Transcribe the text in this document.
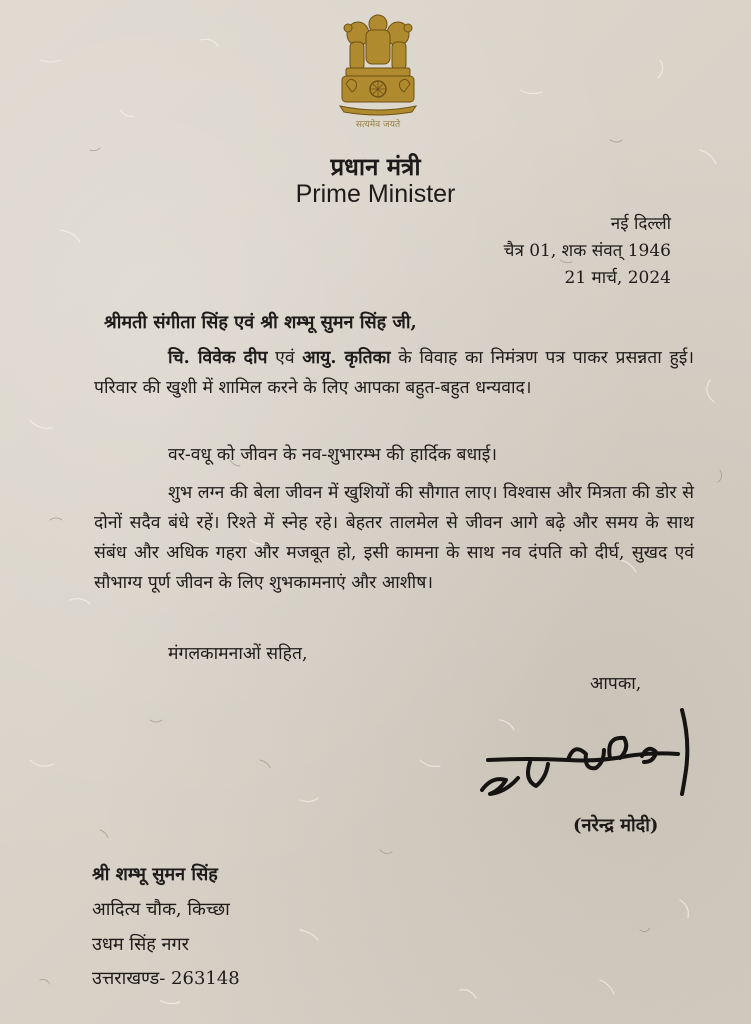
सत्यमेव जयते
प्रधान मंत्री
Prime Minister
नई दिल्ली
चैत्र 01, शक संवत् 1946
21 मार्च, 2024
श्रीमती संगीता सिंह एवं श्री शम्भू सुमन सिंह जी,
चि. विवेक दीप एवं आयु. कृतिका के विवाह का निमंत्रण पत्र पाकर प्रसन्नता हुई। परिवार की खुशी में शामिल करने के लिए आपका बहुत-बहुत धन्यवाद।
वर-वधू को जीवन के नव-शुभारम्भ की हार्दिक बधाई।
शुभ लग्न की बेला जीवन में खुशियों की सौगात लाए। विश्वास और मित्रता की डोर से दोनों सदैव बंधे रहें। रिश्ते में स्नेह रहे। बेहतर तालमेल से जीवन आगे बढ़े और समय के साथ संबंध और अधिक गहरा और मजबूत हो, इसी कामना के साथ नव दंपति को दीर्घ, सुखद एवं सौभाग्य पूर्ण जीवन के लिए शुभकामनाएं और आशीष।
मंगलकामनाओं सहित,
आपका,
(नरेन्द्र मोदी)
श्री शम्भू सुमन सिंह
आदित्य चौक, किच्छा
उधम सिंह नगर
उत्तराखण्ड- 263148
